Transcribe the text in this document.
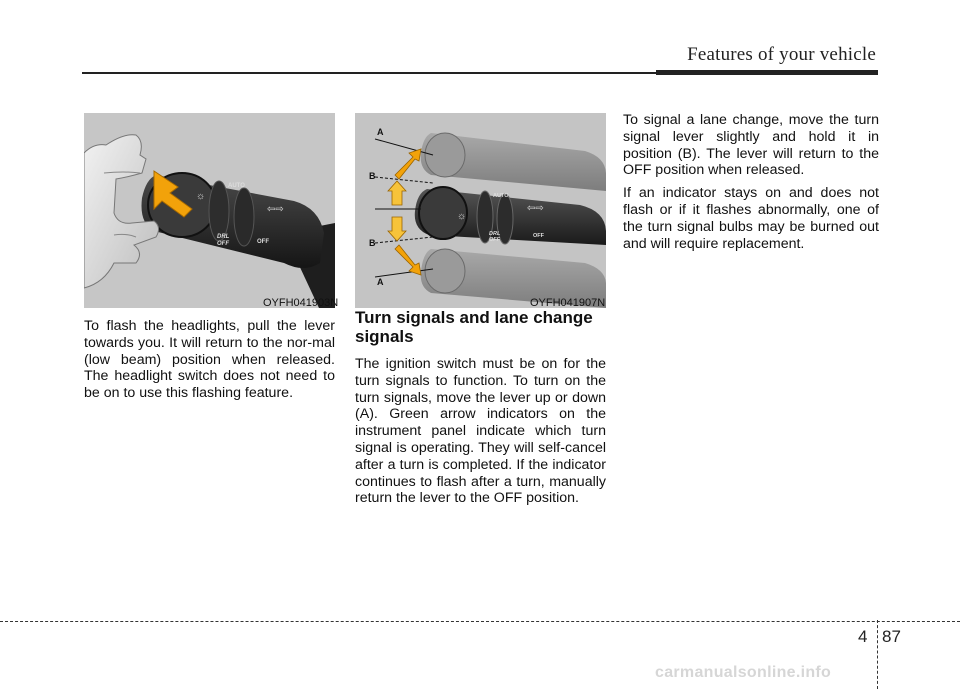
Features of your vehicle
AUTO
DRL
OFF	OFF
⇦⇨
☼
OYFH041903N
AUTO
DRL
OFF
OFF
⇦⇨
☼
A
B
B
A
OYFH041907N

To flash the headlights, pull the lever towards you. It will return to the nor-mal (low beam) position when released. The headlight switch does not need to be on to use this flashing feature.

Turn signals and lane change signals

The ignition switch must be on for the turn signals to function. To turn on the turn signals, move the lever up or down (A). Green arrow indicators on the instrument panel indicate which turn signal is operating. They will self-cancel after a turn is completed. If the indicator continues to flash after a turn, manually return the lever to the OFF position.

To signal a lane change, move the turn signal lever slightly and hold it in position (B). The lever will return to the OFF position when released.

If an indicator stays on and does not flash or if it flashes abnormally, one of the turn signal bulbs may be burned out and will require replacement.

4 87
carmanualsonline.info
